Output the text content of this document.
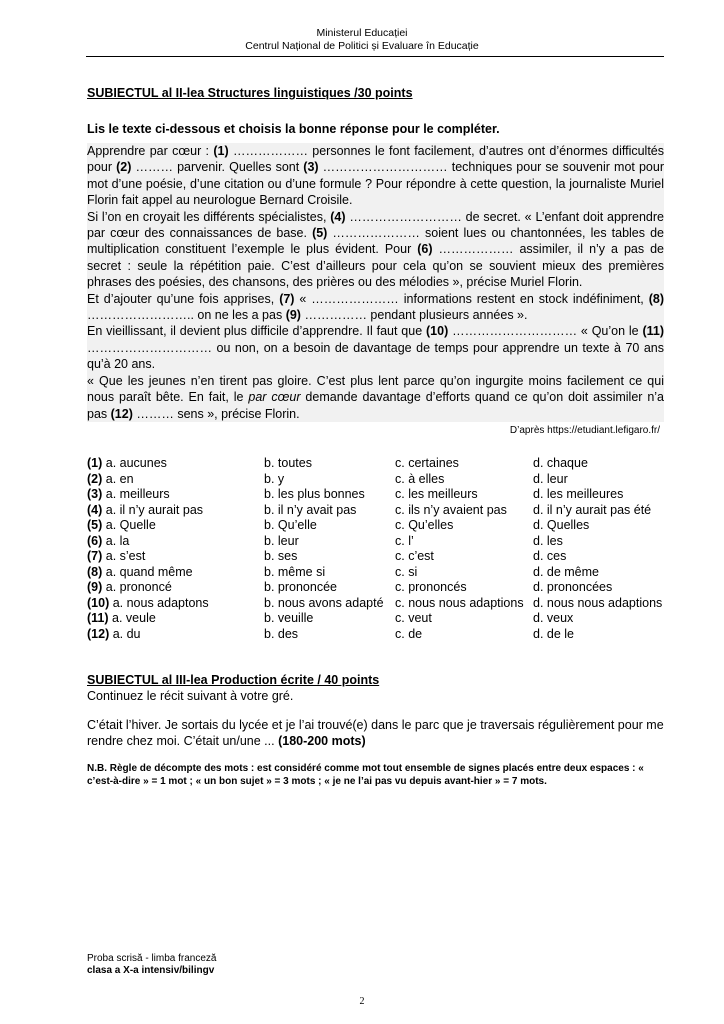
Ministerul Educației
Centrul Național de Politici și Evaluare în Educație
SUBIECTUL al II-lea Structures linguistiques /30 points
Lis le texte ci-dessous et choisis la bonne réponse pour le compléter.

Apprendre par cœur : (1) ……………… personnes le font facilement, d’autres ont d’énormes difficultés pour (2) ……… parvenir. Quelles sont (3) ………………………… techniques pour se souvenir mot pour mot d’une poésie, d’une citation ou d’une formule ? Pour répondre à cette question, la journaliste Muriel Florin fait appel au neurologue Bernard Croisile.

Si l’on en croyait les différents spécialistes, (4) ……………………… de secret. « L’enfant doit apprendre par cœur des connaissances de base. (5) ………………… soient lues ou chantonnées, les tables de multiplication constituent l’exemple le plus évident. Pour (6) ……………… assimiler, il n’y a pas de secret : seule la répétition paie. C’est d’ailleurs pour cela qu’on se souvient mieux des premières phrases des poésies, des chansons, des prières ou des mélodies », précise Muriel Florin.

Et d’ajouter qu’une fois apprises, (7) « ………………… informations restent en stock indéfiniment, (8) …………………….. on ne les a pas (9) …………… pendant plusieurs années ».

En vieillissant, il devient plus difficile d’apprendre. Il faut que (10) ………………………… « Qu’on le (11) ………………………… ou non, on a besoin de davantage de temps pour apprendre un texte à 70 ans qu’à 20 ans.

« Que les jeunes n’en tirent pas gloire. C’est plus lent parce qu’on ingurgite moins facilement ce qui nous paraît bête. En fait, le par cœur demande davantage d’efforts quand ce qu’on doit assimiler n’a pas (12) ……… sens », précise Florin.

D’après https://etudiant.lefigaro.fr/
(1) a. aucunes	b. toutes	c. certaines	d. chaque
(2) a. en	b. y	c. à elles	d. leur
(3) a. meilleurs	b. les plus bonnes	c. les meilleurs	d. les meilleures
(4) a. il n’y aurait pas	b. il n’y avait pas	c. ils n’y avaient pas	d. il n’y aurait pas été
(5) a. Quelle	b. Qu’elle	c. Qu’elles	d. Quelles
(6) a. la	b. leur	c. l’	d. les
(7) a. s’est	b. ses	c. c’est	d. ces
(8) a. quand même	b. même si	c. si	d. de même
(9) a. prononcé	b. prononcée	c. prononcés	d. prononcées
(10) a. nous adaptons	b. nous avons adapté c. nous nous adaptions d. nous nous adaptions
(11) a. veule	b. veuille	c. veut	d. veux
(12) a. du	b. des	c. de	d. de le
SUBIECTUL al III-lea Production écrite / 40 points
Continuez le récit suivant à votre gré.
C’était l’hiver. Je sortais du lycée et je l’ai trouvé(e) dans le parc que je traversais régulièrement pour me rendre chez moi. C’était un/une ... (180-200 mots)
N.B. Règle de décompte des mots : est considéré comme mot tout ensemble de signes placés entre deux espaces : « c’est-à-dire » = 1 mot ; « un bon sujet » = 3 mots ; « je ne l’ai pas vu depuis avant-hier » = 7 mots.
Proba scrisă - limba franceză
clasa a X-a intensiv/bilingv
2
